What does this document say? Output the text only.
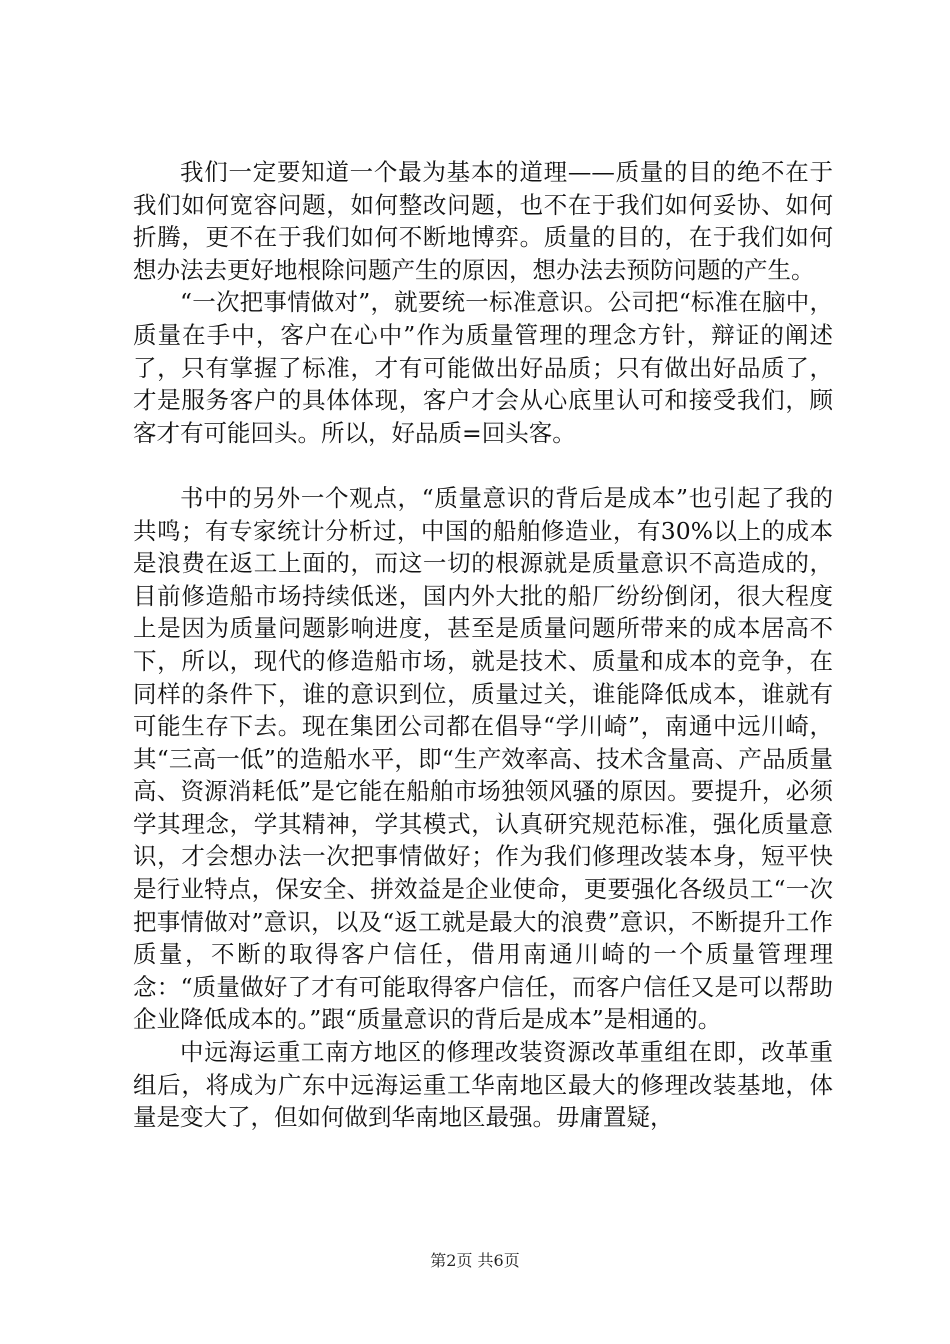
我们一定要知道一个最为基本的道理——质量的目的绝不在于我们如何宽容问题，如何整改问题，也不在于我们如何妥协、如何折腾，更不在于我们如何不断地博弈。质量的目的，在于我们如何想办法去更好地根除问题产生的原因，想办法去预防问题的产生。

“一次把事情做对”，就要统一标准意识。公司把“标准在脑中，质量在手中，客户在心中”作为质量管理的理念方针，辩证的阐述了，只有掌握了标准，才有可能做出好品质；只有做出好品质了，才是服务客户的具体体现，客户才会从心底里认可和接受我们，顾客才有可能回头。所以，好品质=回头客。

书中的另外一个观点，“质量意识的背后是成本”也引起了我的共鸣；有专家统计分析过，中国的船舶修造业，有30%以上的成本是浪费在返工上面的，而这一切的根源就是质量意识不高造成的，目前修造船市场持续低迷，国内外大批的船厂纷纷倒闭，很大程度上是因为质量问题影响进度，甚至是质量问题所带来的成本居高不下，所以，现代的修造船市场，就是技术、质量和成本的竞争，在同样的条件下，谁的意识到位，质量过关，谁能降低成本，谁就有可能生存下去。现在集团公司都在倡导“学川崎”，南通中远川崎，其“三高一低”的造船水平，即“生产效率高、技术含量高、产品质量高、资源消耗低”是它能在船舶市场独领风骚的原因。要提升，必须学其理念，学其精神，学其模式，认真研究规范标准，强化质量意识，才会想办法一次把事情做好；作为我们修理改装本身，短平快是行业特点，保安全、拼效益是企业使命，更要强化各级员工“一次把事情做对”意识，以及“返工就是最大的浪费”意识，不断提升工作质量，不断的取得客户信任，借用南通川崎的一个质量管理理念：“质量做好了才有可能取得客户信任，而客户信任又是可以帮助企业降低成本的。”跟“质量意识的背后是成本”是相通的。

中远海运重工南方地区的修理改装资源改革重组在即，改革重组后，将成为广东中远海运重工华南地区最大的修理改装基地，体量是变大了，但如何做到华南地区最强。毋庸置疑，

第2页 共6页
